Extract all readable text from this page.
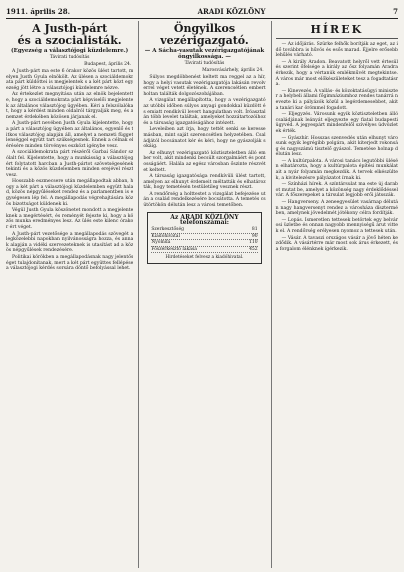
1911. április 28.	ARADI KÖZLÖNY	7
A Justh-párt
és a szocialisták.
(Egyezség a választójogi küzdelemre.)
Távirati tudósítás
Budapest, április 24.

A Justh-párt ma este 6 órakor közös ülést tartott, melyen Justh Gyula elnökölt. Az ülésen a szociáldemokrata párt küldöttei is megjelentek s a két párt közt egyezség jött létre a választójogi küzdelemre nézve.

Az értekezlet megnyitása után az elnök bejelentette, hogy a szociáldemokrata párt képviselői megjelentek az általános választójog ügyében. Kéri a felszólalókat, hogy a kérdést minden oldalról tárgyalják meg, és a nemzet érdekében közösen járjanak el.

A Justh-párt nevében Justh Gyula kijelentette, hogy a párt a választójog ügyében az általános, egyenlő és titkos választójog alapján áll, amelyet a nemzeti függetlenséggel együtt tart szükségesnek. Ennek a célnak elérésére minden törvényes eszközt igénybe vesz.

A szociáldemokrata párt részéről Garbai Sándor szólalt fel. Kijelentette, hogy a munkásság a választójogért folytatott harcban a Justh-pártot szövetségesének tekinti és a közös küzdelemben minden erejével részt vesz.

Hosszabb eszmecsere után megállapodtak abban, hogy a két párt a választójogi küzdelemben együtt halad, közös népgyűléseket rendez és a parlamentben is egységesen lép fel. A megállapodás végrehajtására közös bizottságot küldenek ki.

Végül Justh Gyula köszönetet mondott a megjelenteknek a megértésért, és reményét fejezte ki, hogy a közös munka eredményes lesz. Az ülés este kilenc órakor ért véget.

A Justh-párt vezetősége a megállapodás szövegét a legközelebbi napokban nyilvánosságra hozza, és annak alapján a vidéki szervezeteknek is utasítást ad a közös népgyűlések rendezésére.

Politikai körökben a megállapodásnak nagy jelentőséget tulajdonítanak, mert a két párt együttes fellépése a választójogi kérdés sorsára döntő befolyással lehet.

Öngyilkos vezérigazgató.
— A Sácha-vasutak vezérigazgatójának öngyilkossága. —
Távirati tudósítás
Marosvásárhely, április 24.

Súlyos megdöbbenést keltett ma reggel az a hír, hogy a helyi vasutak vezérigazgatója lakásán revolverrel véget vetett életének. A szerencsétlen embert holtan találták dolgozószobájában.

A vizsgálat megállapította, hogy a vezérigazgató az utóbbi időben súlyos anyagi gondokkal küzdött és emiatt rendkívül levert hangulatban volt. Íróasztalán több levelet találtak, amelyeket hozzátartozóihoz és a társaság igazgatóságához intézett.

Leveleiben azt írja, hogy tettét senki se keresse másban, mint saját szerencsétlen helyzetében. Családjától bocsánatot kér és kéri, hogy ne gyászolják sokáig.

Az elhunyt vezérigazgató köztiszteletben álló ember volt, akit mindenki becsült szorgalmáért és pontosságáért. Halála az egész városban őszinte részvétet keltett.

A társaság igazgatósága rendkívüli ülést tartott, amelyen az elhunyt érdemeit méltatták és elhatározták, hogy temetésén testületileg vesznek részt.

A rendőrség a holttestet a vizsgálat befejezése után a család rendelkezésére bocsátotta. A temetés csütörtökön délután lesz a városi temetőben.

Az ARADI KÖZLÖNY telefonszámai:
Szerkesztőség	81
Kiadóhivatal	90
Nyomda	110
Főszerkesztő lakása	452
Hirdetéseket felvesz a kiadóhivatal.
HÍREK

— Az időjárás. Szürke felhők borítják az eget, az idő továbbra is hűvös és esős marad. Éjjelre erősebb lehűlés várható.

— A király Aradon. Beavatott helyről vett értesülés szerint őfelsége a király az ősz folyamán Aradra érkezik, hogy a vértanúk emlékművét megtekintse. A város már most előkészületeket tesz a fogadtatásra.

— Kinevezés. A vallás- és közoktatásügyi miniszter a helybeli állami főgimnáziumhoz rendes tanárrá nevezte ki a pályázók közül a legérdemesebbet, akit a tanári kar örömmel fogadott.

— Eljegyzés. Városunk egyik köztiszteletben álló családjának leányát eljegyezte egy fiatal budapesti ügyvéd. A jegyespárt mindenfelől szívélyes üdvözletek érték.

— Gyászhír. Hosszas szenvedés után elhunyt városunk egyik legrégibb polgára, akit kiterjedt rokonság és nagyszámú tisztelő gyászol. Temetése holnap délután lesz.

— A kultúrpalota. A városi tanács legutóbbi ülésén elhatározta, hogy a kultúrpalota építési munkálatait a nyár folyamán megkezdik. A tervek elkészültek, a kivitelezésre pályázatot írnak ki.

— Színházi hírek. A színtársulat ma este új darabot mutat be, amelyet a közönség nagy érdeklődéssel vár. A főszerepeket a társulat legjobb erői játsszák.

— Hangverseny. A zeneegyesület vasárnap délután nagy hangversenyt rendez a városháza dísztermében, amelynek jövedelmét jótékony célra fordítják.

— Lopás. Ismeretlen tettesek betörtek egy belvárosi üzletbe és onnan nagyobb mennyiségű árut vittek el. A rendőrség erélyesen nyomoz a tettesek után.

— Vásár. A tavaszi országos vásár a jövő héten kezdődik. A vásártérre már most sok árus érkezett, és a forgalom élénknek ígérkezik.
